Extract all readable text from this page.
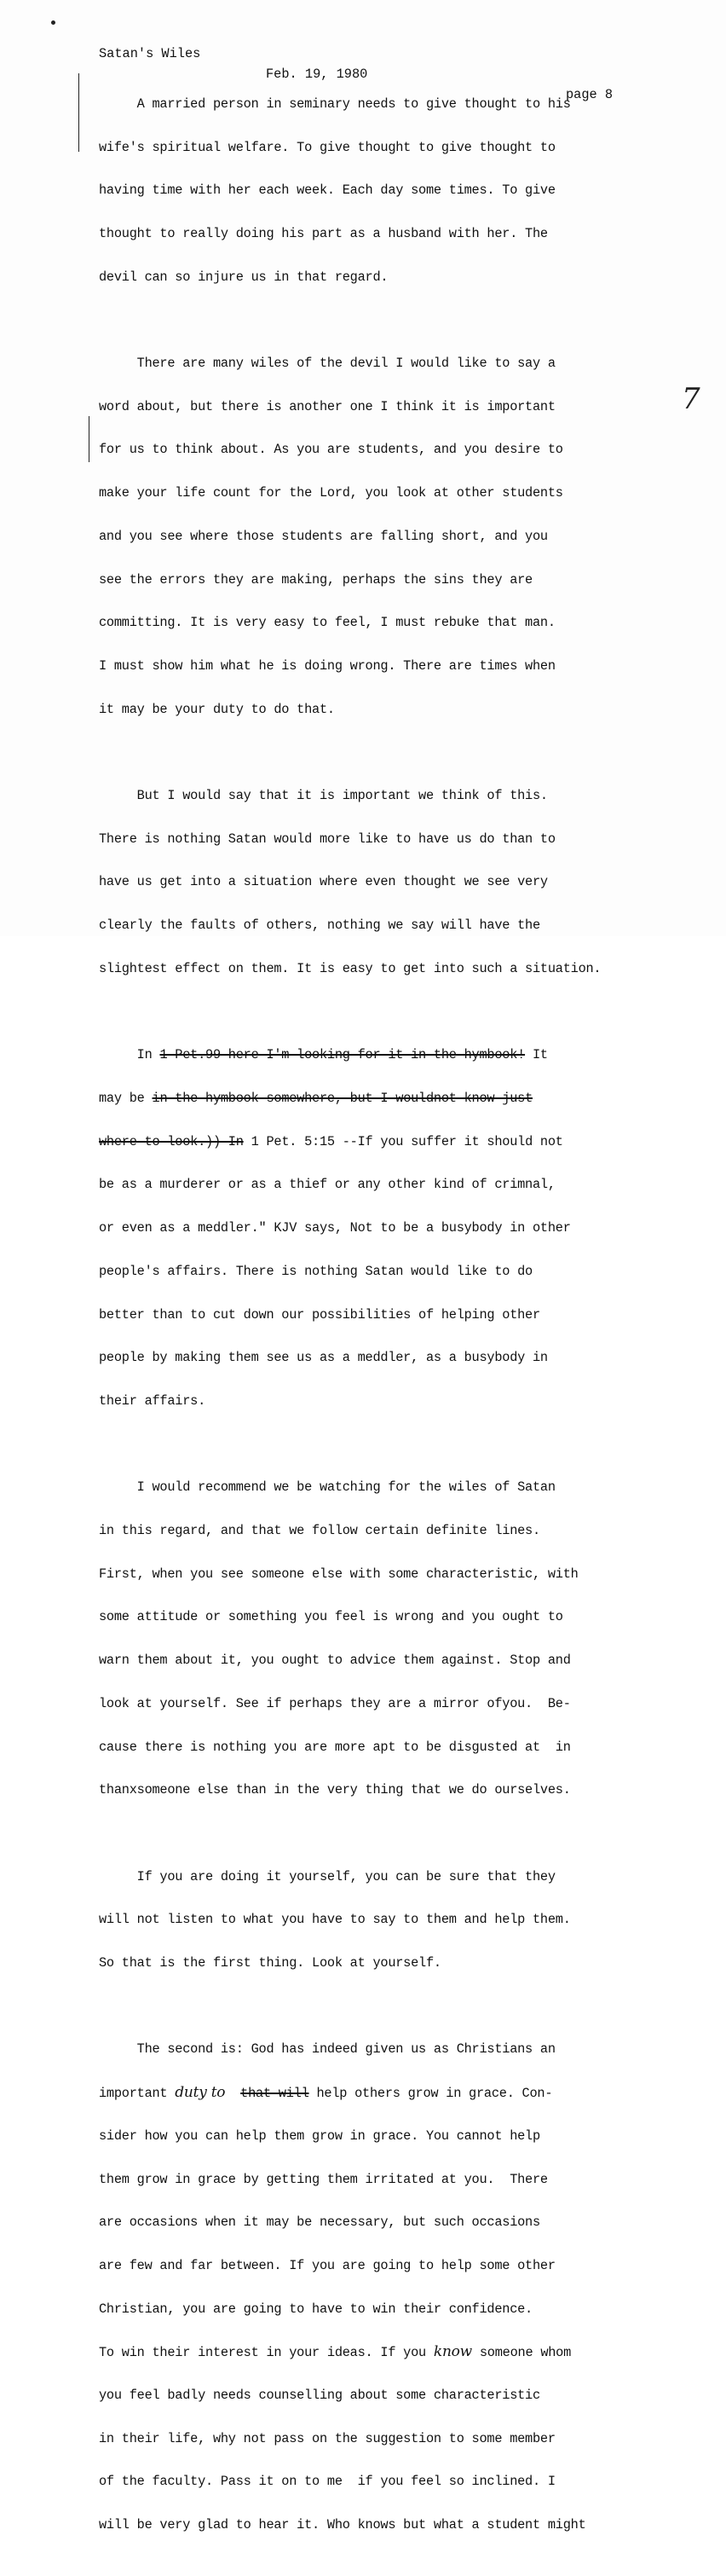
Satan's Wiles

Feb. 19, 1980

page 8

7

A married person in seminary needs to give thought to his

wife's spiritual welfare. To give thought to give thought to

having time with her each week. Each day some times. To give

thought to really doing his part as a husband with her. The

devil can so injure us in that regard.

There are many wiles of the devil I would like to say a

word about, but there is another one I think it is important

for us to think about. As you are students, and you desire to

make your life count for the Lord, you look at other students

and you see where those students are falling short, and you

see the errors they are making, perhaps the sins they are

committing. It is very easy to feel, I must rebuke that man.

I must show him what he is doing wrong. There are times when

it may be your duty to do that.

But I would say that it is important we think of this.

There is nothing Satan would more like to have us do than to

have us get into a situation where even thought we see very

clearly the faults of others, nothing we say will have the

slightest effect on them. It is easy to get into such a situation.

In 1 Pet.99 here I'm looking for it in the hymbook! It

may be in the hymbook somewhere, but I wouldnot know just

where to look.)) In 1 Pet. 5:15 --If you suffer it should not

be as a murderer or as a thief or any other kind of crimnal,

or even as a meddler." KJV says, Not to be a busybody in other

people's affairs. There is nothing Satan would like to do

better than to cut down our possibilities of helping other

people by making them see us as a meddler, as a busybody in

their affairs.

I would recommend we be watching for the wiles of Satan

in this regard, and that we follow certain definite lines.

First, when you see someone else with some characteristic, with

some attitude or something you feel is wrong and you ought to

warn them about it, you ought to advice them against. Stop and

look at yourself. See if perhaps they are a mirror ofyou.  Be-

cause there is nothing you are more apt to be disgusted at  in

thanxsomeone else than in the very thing that we do ourselves.

If you are doing it yourself, you can be sure that they

will not listen to what you have to say to them and help them.

So that is the first thing. Look at yourself.

The second is: God has indeed given us as Christians an

important duty to that will help others grow in grace. Con-

sider how you can help them grow in grace. You cannot help

them grow in grace by getting them irritated at you.  There

are occasions when it may be necessary, but such occasions

are few and far between. If you are going to help some other

Christian, you are going to have to win their confidence.

To win their interest in your ideas. If you know someone whom

you feel badly needs counselling about some characteristic

in their life, why not pass on the suggestion to some member

of the faculty. Pass it on to me  if you feel so inclined. I

will be very glad to hear it. Who knows but what a student might
